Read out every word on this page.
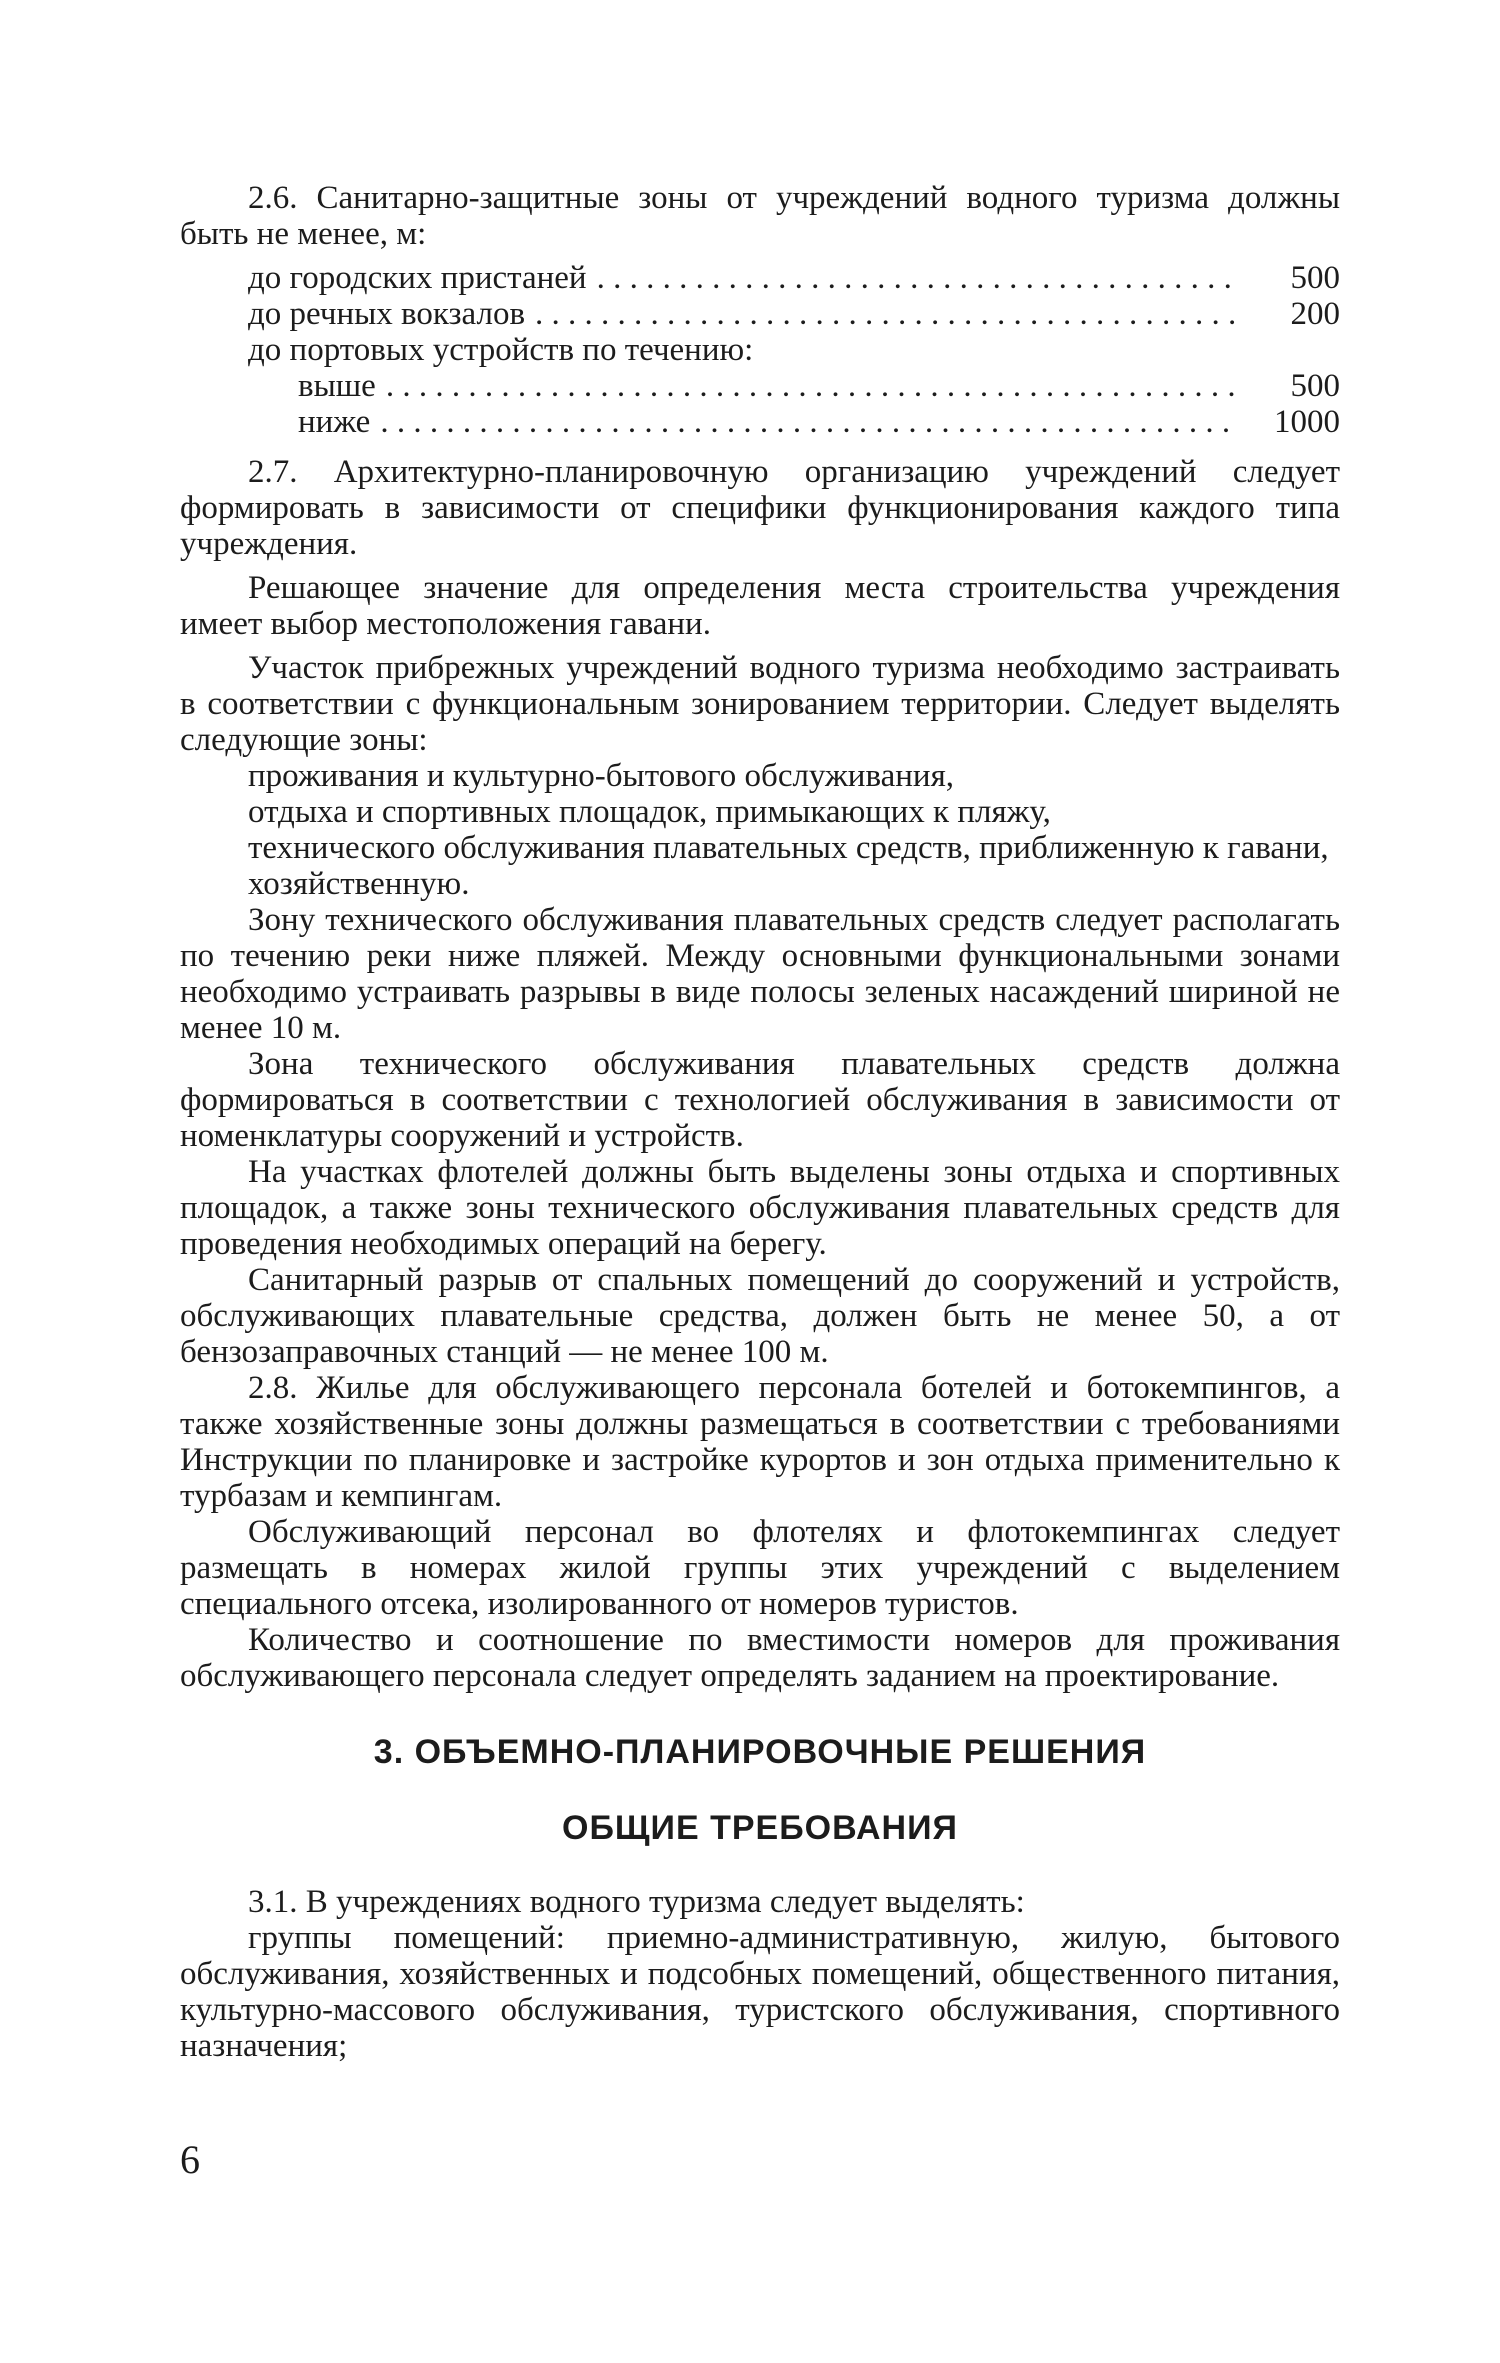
2.6. Санитарно-защитные зоны от учреждений водного туризма должны быть не менее, м:

до городских пристаней . . .	500
до речных вокзалов . . .	200

до портовых устройств по течению:

выше . . .	500
ниже . . .	1000

2.7. Архитектурно-планировочную организацию учреждений следует формировать в зависимости от специфики функционирования каждого типа учреждения.

Решающее значение для определения места строительства учреждения имеет выбор местоположения гавани.

Участок прибрежных учреждений водного туризма необходимо застраивать в соответствии с функциональным зонированием территории. Следует выделять следующие зоны:

проживания и культурно-бытового обслуживания,

отдыха и спортивных площадок, примыкающих к пляжу,

технического обслуживания плавательных средств, приближенную к гавани,

хозяйственную.

Зону технического обслуживания плавательных средств следует располагать по течению реки ниже пляжей. Между основными функциональными зонами необходимо устраивать разрывы в виде полосы зеленых насаждений шириной не менее 10 м.

Зона технического обслуживания плавательных средств должна формироваться в соответствии с технологией обслуживания в зависимости от номенклатуры сооружений и устройств.

На участках флотелей должны быть выделены зоны отдыха и спортивных площадок, а также зоны технического обслуживания плавательных средств для проведения необходимых операций на берегу.

Санитарный разрыв от спальных помещений до сооружений и устройств, обслуживающих плавательные средства, должен быть не менее 50, а от бензозаправочных станций — не менее 100 м.

2.8. Жилье для обслуживающего персонала ботелей и ботокемпингов, а также хозяйственные зоны должны размещаться в соответствии с требованиями Инструкции по планировке и застройке курортов и зон отдыха применительно к турбазам и кемпингам.

Обслуживающий персонал во флотелях и флотокемпингах следует размещать в номерах жилой группы этих учреждений с выделением специального отсека, изолированного от номеров туристов.

Количество и соотношение по вместимости номеров для проживания обслуживающего персонала следует определять заданием на проектирование.

3. ОБЪЕМНО-ПЛАНИРОВОЧНЫЕ РЕШЕНИЯ
ОБЩИЕ ТРЕБОВАНИЯ

3.1. В учреждениях водного туризма следует выделять:

группы помещений: приемно-административную, жилую, бытового обслуживания, хозяйственных и подсобных помещений, общественного питания, культурно-массового обслуживания, туристского обслуживания, спортивного назначения;

6
